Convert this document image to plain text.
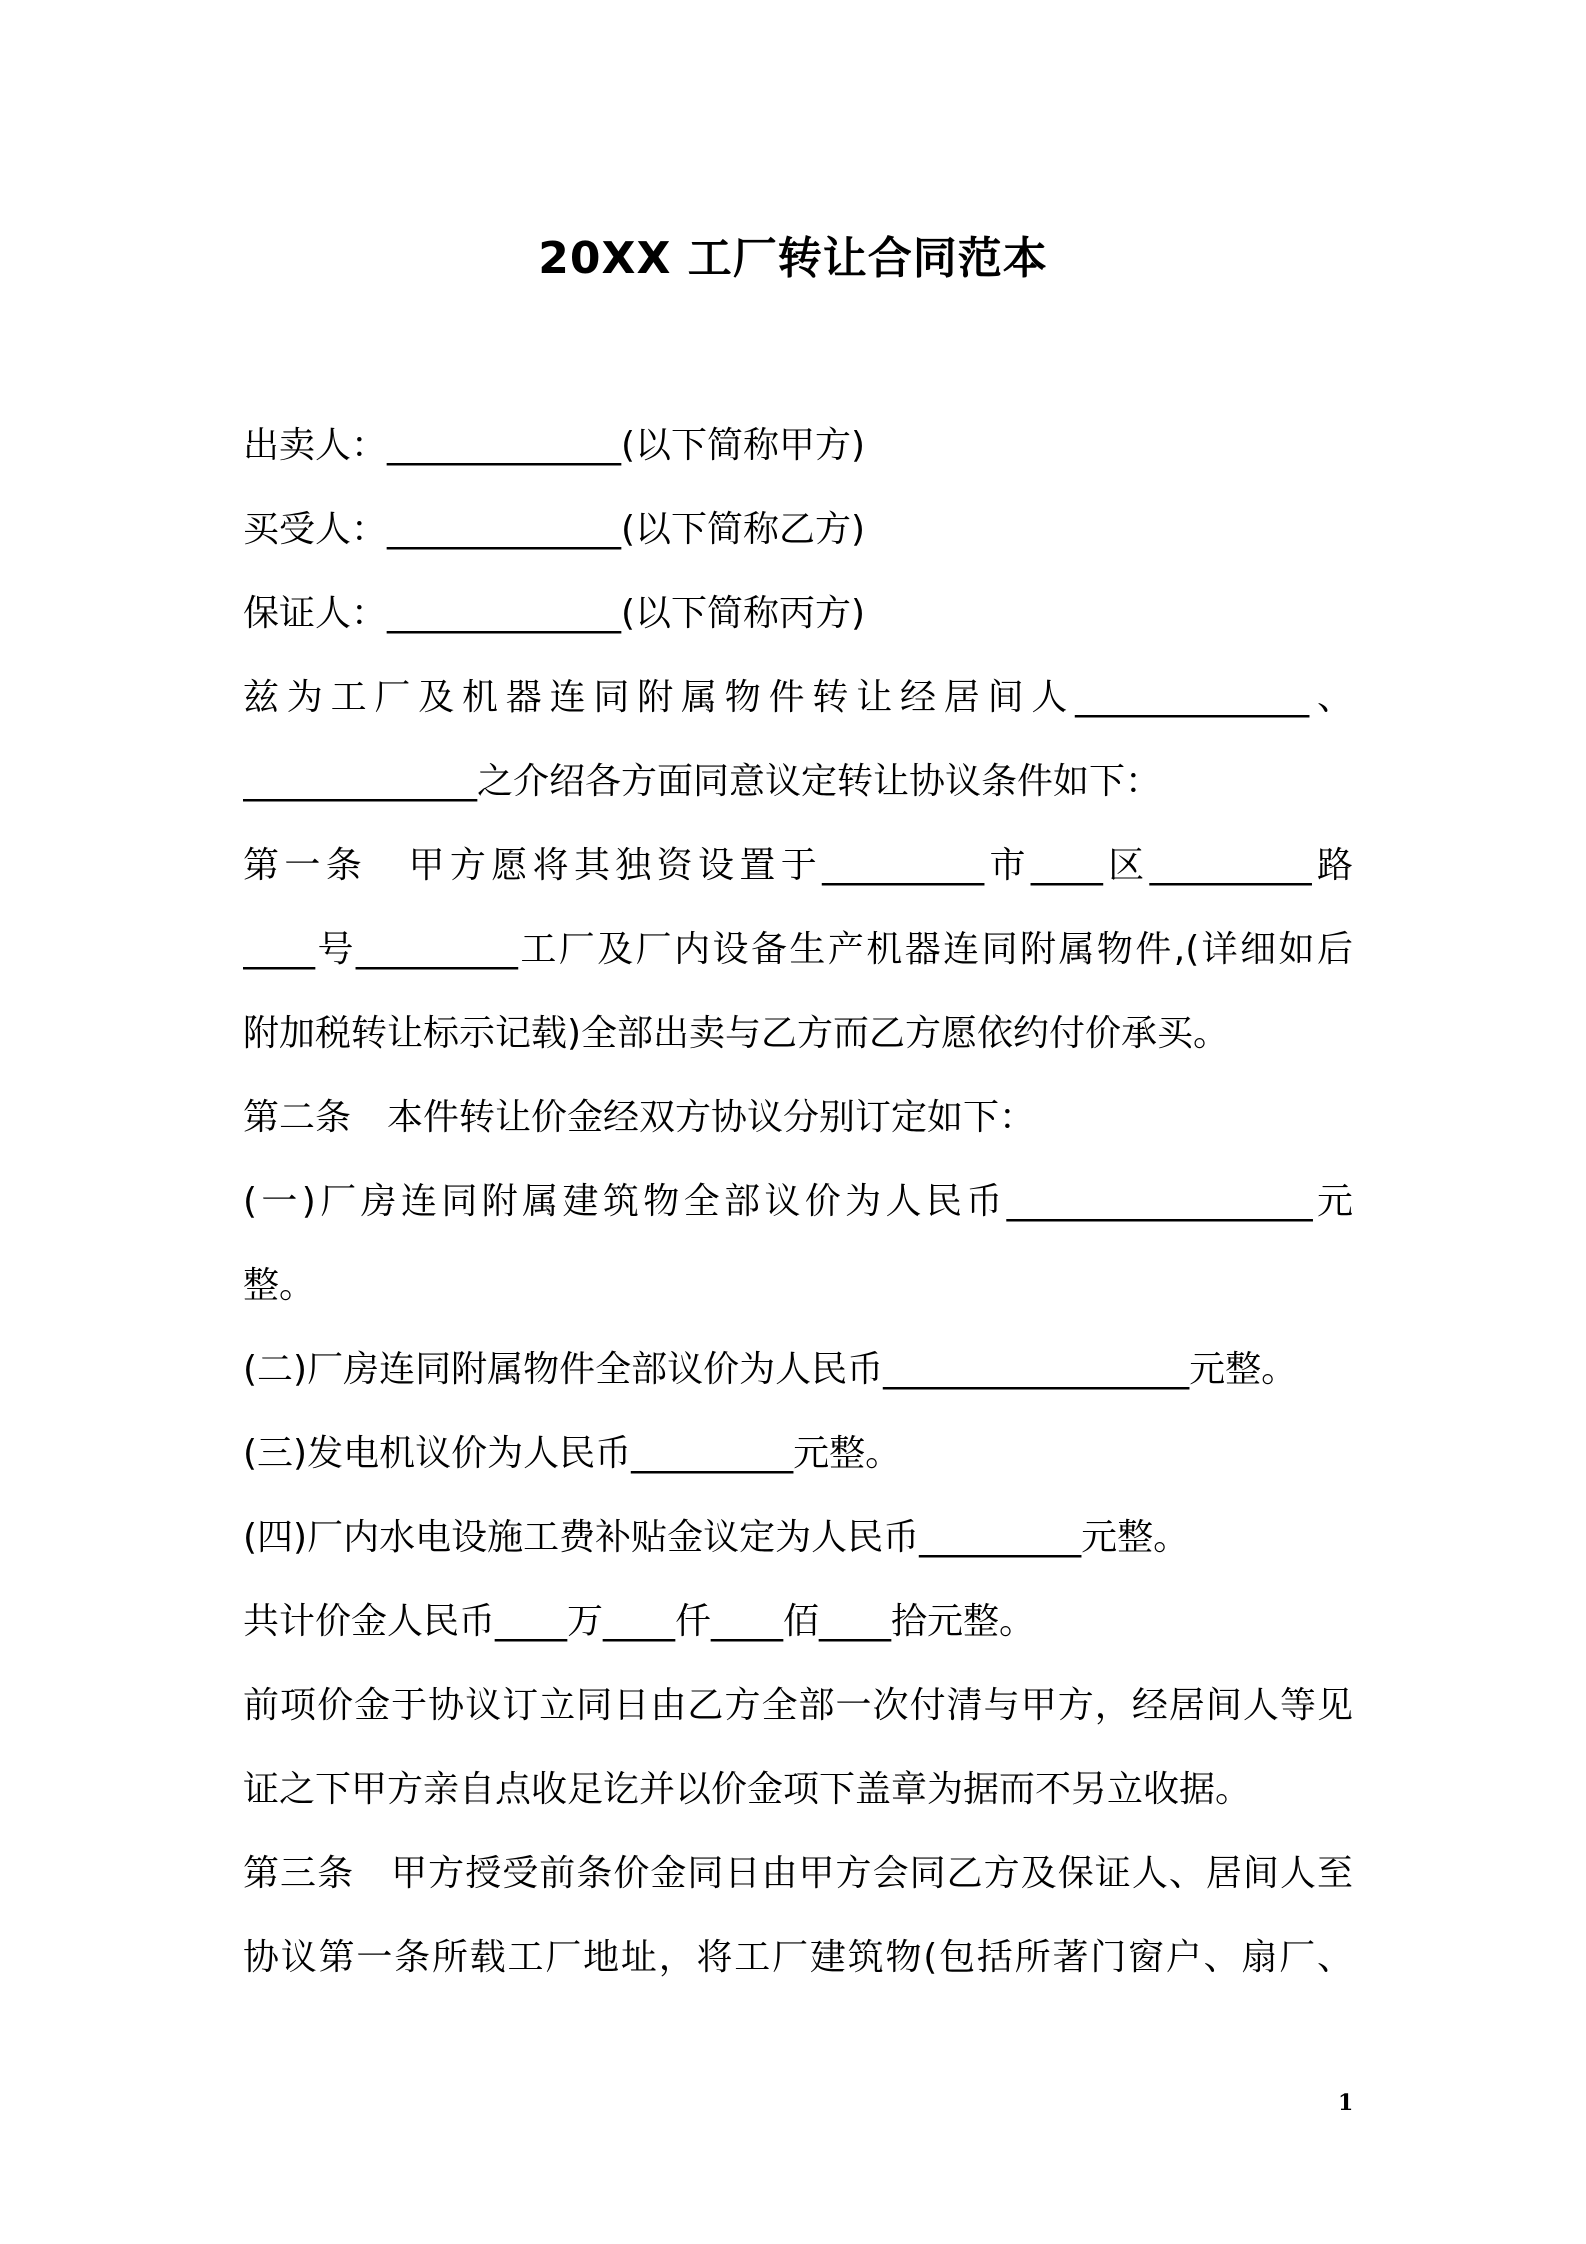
20XX 工厂转让合同范本
出卖人：_____________(以下简称甲方)
买受人：_____________(以下简称乙方)
保证人：_____________(以下简称丙方)
兹为工厂及机器连同附属物件转让经居间人_____________、
_____________之介绍各方面同意议定转让协议条件如下：
第一条　甲方愿将其独资设置于_________市____区_________路
____号_________工厂及厂内设备生产机器连同附属物件,(详细如后
附加税转让标示记载)全部出卖与乙方而乙方愿依约付价承买。
第二条　本件转让价金经双方协议分别订定如下：
(一)厂房连同附属建筑物全部议价为人民币_________________元
整。
(二)厂房连同附属物件全部议价为人民币_________________元整。
(三)发电机议价为人民币_________元整。
(四)厂内水电设施工费补贴金议定为人民币_________元整。
共计价金人民币____万____仟____佰____拾元整。
前项价金于协议订立同日由乙方全部一次付清与甲方，经居间人等见
证之下甲方亲自点收足讫并以价金项下盖章为据而不另立收据。
第三条　甲方授受前条价金同日由甲方会同乙方及保证人、居间人至
协议第一条所载工厂地址，将工厂建筑物(包括所著门窗户、扇厂、
1
